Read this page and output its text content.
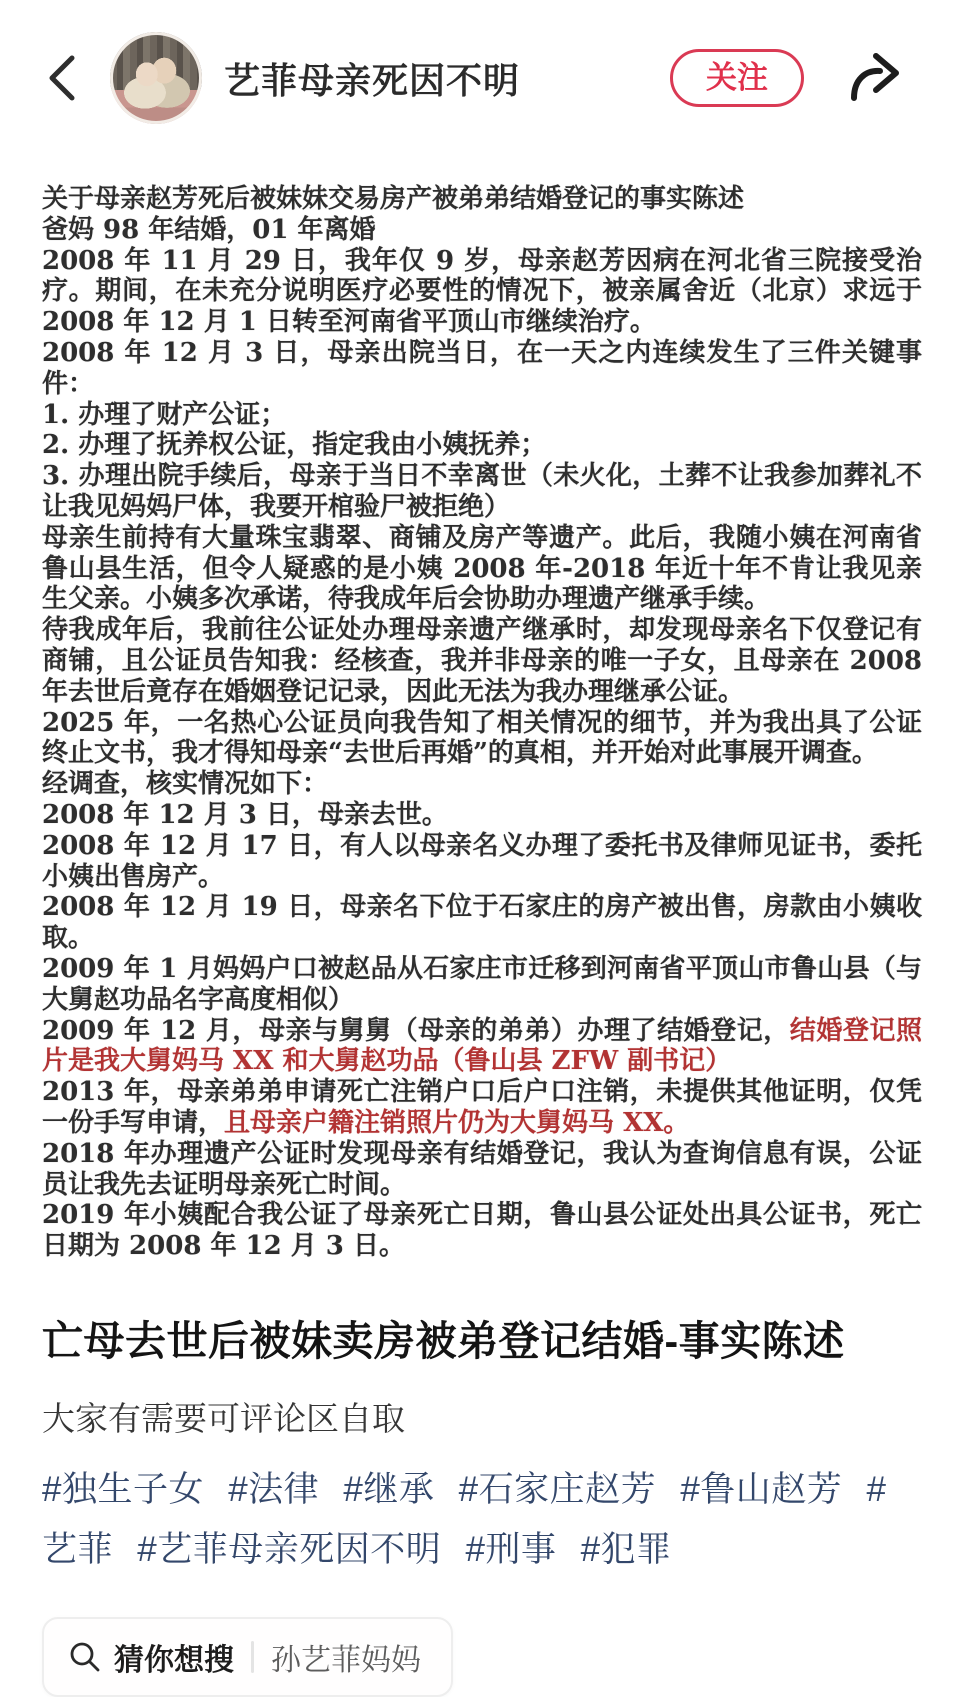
艺菲母亲死因不明	关注

关于母亲赵芳死后被妹妹交易房产被弟弟结婚登记的事实陈述

爸妈 98 年结婚，01 年离婚

2008 年 11 月 29 日，我年仅 9 岁，母亲赵芳因病在河北省三院接受治疗。期间，在未充分说明医疗必要性的情况下，被亲属舍近（北京）求远于 2008 年 12 月 1 日转至河南省平顶山市继续治疗。

2008 年 12 月 3 日，母亲出院当日，在一天之内连续发生了三件关键事件：

1. 办理了财产公证；

2. 办理了抚养权公证，指定我由小姨抚养；

3. 办理出院手续后，母亲于当日不幸离世（未火化，土葬不让我参加葬礼不让我见妈妈尸体，我要开棺验尸被拒绝）

母亲生前持有大量珠宝翡翠、商铺及房产等遗产。此后，我随小姨在河南省鲁山县生活，但令人疑惑的是小姨 2008 年-2018 年近十年不肯让我见亲生父亲。小姨多次承诺，待我成年后会协助办理遗产继承手续。

待我成年后，我前往公证处办理母亲遗产继承时，却发现母亲名下仅登记有商铺，且公证员告知我：经核查，我并非母亲的唯一子女，且母亲在 2008 年去世后竟存在婚姻登记记录，因此无法为我办理继承公证。

2025 年，一名热心公证员向我告知了相关情况的细节，并为我出具了公证终止文书，我才得知母亲“去世后再婚”的真相，并开始对此事展开调查。

经调查，核实情况如下：

2008 年 12 月 3 日，母亲去世。

2008 年 12 月 17 日，有人以母亲名义办理了委托书及律师见证书，委托小姨出售房产。

2008 年 12 月 19 日，母亲名下位于石家庄的房产被出售，房款由小姨收取。

2009 年 1 月妈妈户口被赵品从石家庄市迁移到河南省平顶山市鲁山县（与大舅赵功品名字高度相似）

2009 年 12 月，母亲与舅舅（母亲的弟弟）办理了结婚登记，结婚登记照片是我大舅妈马 XX 和大舅赵功品（鲁山县 ZFW 副书记）

2013 年，母亲弟弟申请死亡注销户口后户口注销，未提供其他证明，仅凭一份手写申请，且母亲户籍注销照片仍为大舅妈马 XX。

2018 年办理遗产公证时发现母亲有结婚登记，我认为查询信息有误，公证员让我先去证明母亲死亡时间。

2019 年小姨配合我公证了母亲死亡日期，鲁山县公证处出具公证书，死亡日期为 2008 年 12 月 3 日。

亡母去世后被妹卖房被弟登记结婚-事实陈述

大家有需要可评论区自取

#独生子女 #法律 #继承 #石家庄赵芳 #鲁山赵芳 #艺菲 #艺菲母亲死因不明 #刑事 #犯罪
猜你想搜 孙艺菲妈妈
